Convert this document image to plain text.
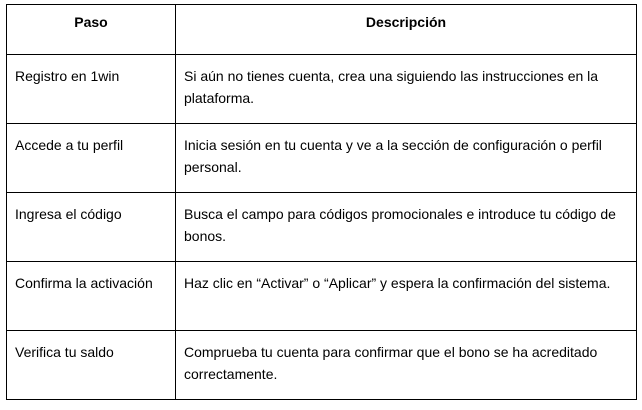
Paso	Descripción
Registro en 1win	Si aún no tienes cuenta, crea una siguiendo las instrucciones en la plataforma.
Accede a tu perfil	Inicia sesión en tu cuenta y ve a la sección de configuración o perfil personal.
Ingresa el código	Busca el campo para códigos promocionales e introduce tu código de bonos.
Confirma la activación	Haz clic en “Activar” o “Aplicar” y espera la confirmación del sistema.
Verifica tu saldo	Comprueba tu cuenta para confirmar que el bono se ha acreditado correctamente.
